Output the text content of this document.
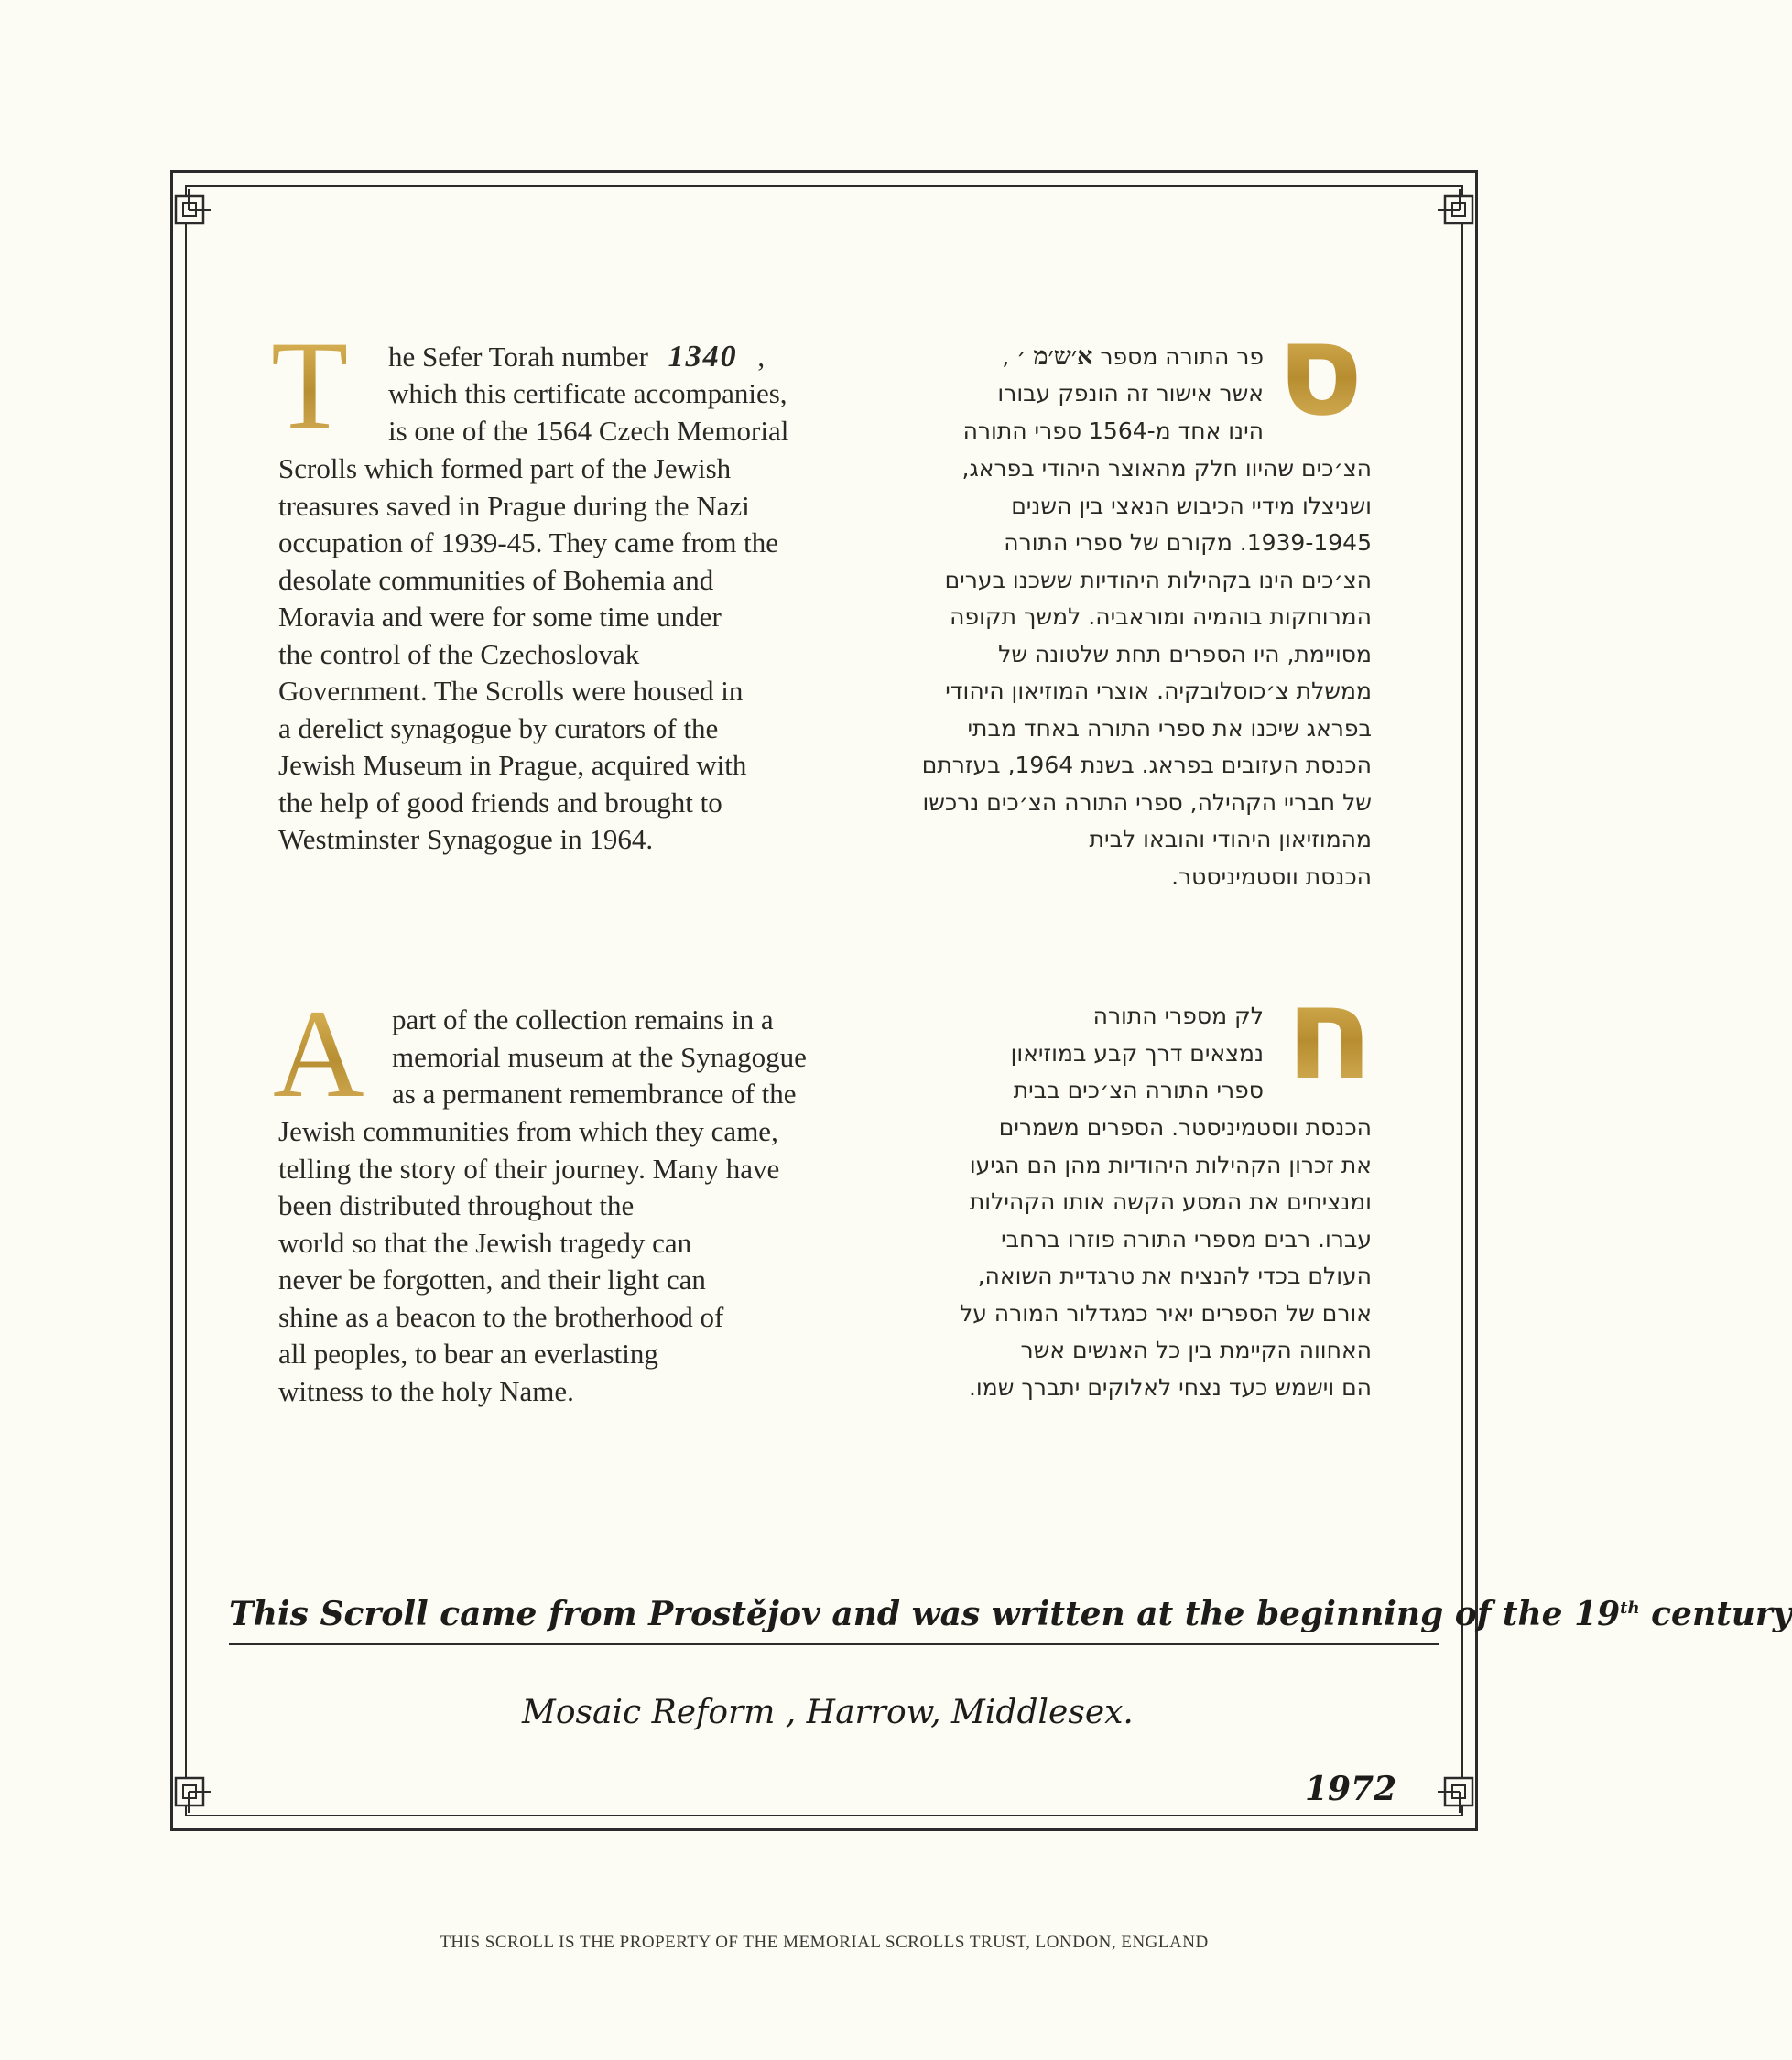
T he Sefer Torah number 1340 ,
which this certificate accompanies,
is one of the 1564 Czech Memorial
Scrolls which formed part of the Jewish
treasures saved in Prague during the Nazi
occupation of 1939-45. They came from the
desolate communities of Bohemia and
Moravia and were for some time under
the control of the Czechoslovak
Government. The Scrolls were housed in
a derelict synagogue by curators of the
Jewish Museum in Prague, acquired with
the help of good friends and brought to
Westminster Synagogue in 1964.
A part of the collection remains in a
memorial museum at the Synagogue
as a permanent remembrance of the
Jewish communities from which they came,
telling the story of their journey. Many have
been distributed throughout the
world so that the Jewish tragedy can
never be forgotten, and their light can
shine as a beacon to the brotherhood of
all peoples, to bear an everlasting
witness to the holy Name.
ס
פר התורה מספר א׳ש׳מ ׳ ,
אשר אישור זה הונפק עבורו
הינו אחד מ-1564 ספרי התורה
הצ׳כים שהיוו חלק מהאוצר היהודי בפראג,
ושניצלו מידיי הכיבוש הנאצי בין השנים
1939-1945. מקורם של ספרי התורה
הצ׳כים הינו בקהילות היהודיות ששכנו בערים
המרוחקות בוהמיה ומוראביה. למשך תקופה
מסויימת, היו הספרים תחת שלטונה של
ממשלת צ׳כוסלובקיה. אוצרי המוזיאון היהודי
בפראג שיכנו את ספרי התורה באחד מבתי
הכנסת העזובים בפראג. בשנת 1964, בעזרתם
של חבריי הקהילה, ספרי התורה הצ׳כים נרכשו
מהמוזיאון היהודי והובאו לבית
הכנסת ווסטמיניסטר.
ח
לק מספרי התורה
נמצאים דרך קבע במוזיאון
ספרי התורה הצ׳כים בבית
הכנסת ווסטמיניסטר. הספרים משמרים
את זכרון הקהילות היהודיות מהן הם הגיעו
ומנציחים את המסע הקשה אותו הקהילות
עברו. רבים מספרי התורה פוזרו ברחבי
העולם בכדי להנציח את טרגדיית השואה,
אורם של הספרים יאיר כמגדלור המורה על
האחווה הקיימת בין כל האנשים אשר
הם וישמש כעד נצחי לאלוקים יתברך שמו.
This Scroll came from Prostějov and was written at the beginning of the 19th century
Mosaic Reform , Harrow, Middlesex.
1972
THIS SCROLL IS THE PROPERTY OF THE MEMORIAL SCROLLS TRUST, LONDON, ENGLAND
